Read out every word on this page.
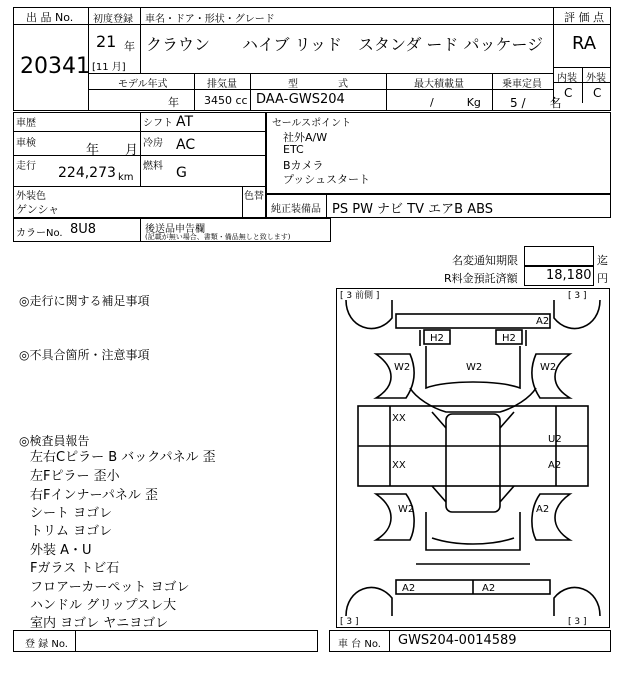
出 品 No.
20341
初度登録
21 年
[11 月]
車名・ドア・形状・グレード
クラウン　　ハイブ リッド　スタンダ ード パッケージ
評 価 点
RA
内装 外装
C C
モデル年式
年
排気量
3450 cc
型　　　　式
DAA-GWS204
最大積載量
/　　　Kg
乗車定員
5 /　　名
車歴	シフト AT
車検	年　　月 冷房 AC
走行 224,273 km
燃料 G
外装色
ゲンシャ
色替
セールスポイント
社外A/W
ETC
Bカメラ
プッシュスタート
純正装備品 PS PW ナビ TV エアB ABS
カラーNo. 8U8	後送品申告欄
(記載が無い場合、書類・備品無しと致します)
名変通知期限	迄
R料金預託済額 18,180 円
◎走行に関する補足事項
◎不具合箇所・注意事項
◎検査員報告
左右Cピラー B バックパネル 歪
左Fピラー 歪小
右Fインナーパネル 歪
シート ヨゴレ
トリム ヨゴレ
外装 A・U
Fガラス トビ石
フロアーカーペット ヨゴレ
ハンドル グリップスレ大
室内 ヨゴレ ヤニヨゴレ
[ 3 前側 ]	[ 3 ]
[ 3 ]	[ 3 ]
A2
H2	H2
W2	W2	W2
XX
U2
XX	A2
W2	A2
A2	A2
登 録 No.	車 台 No. GWS204-0014589
